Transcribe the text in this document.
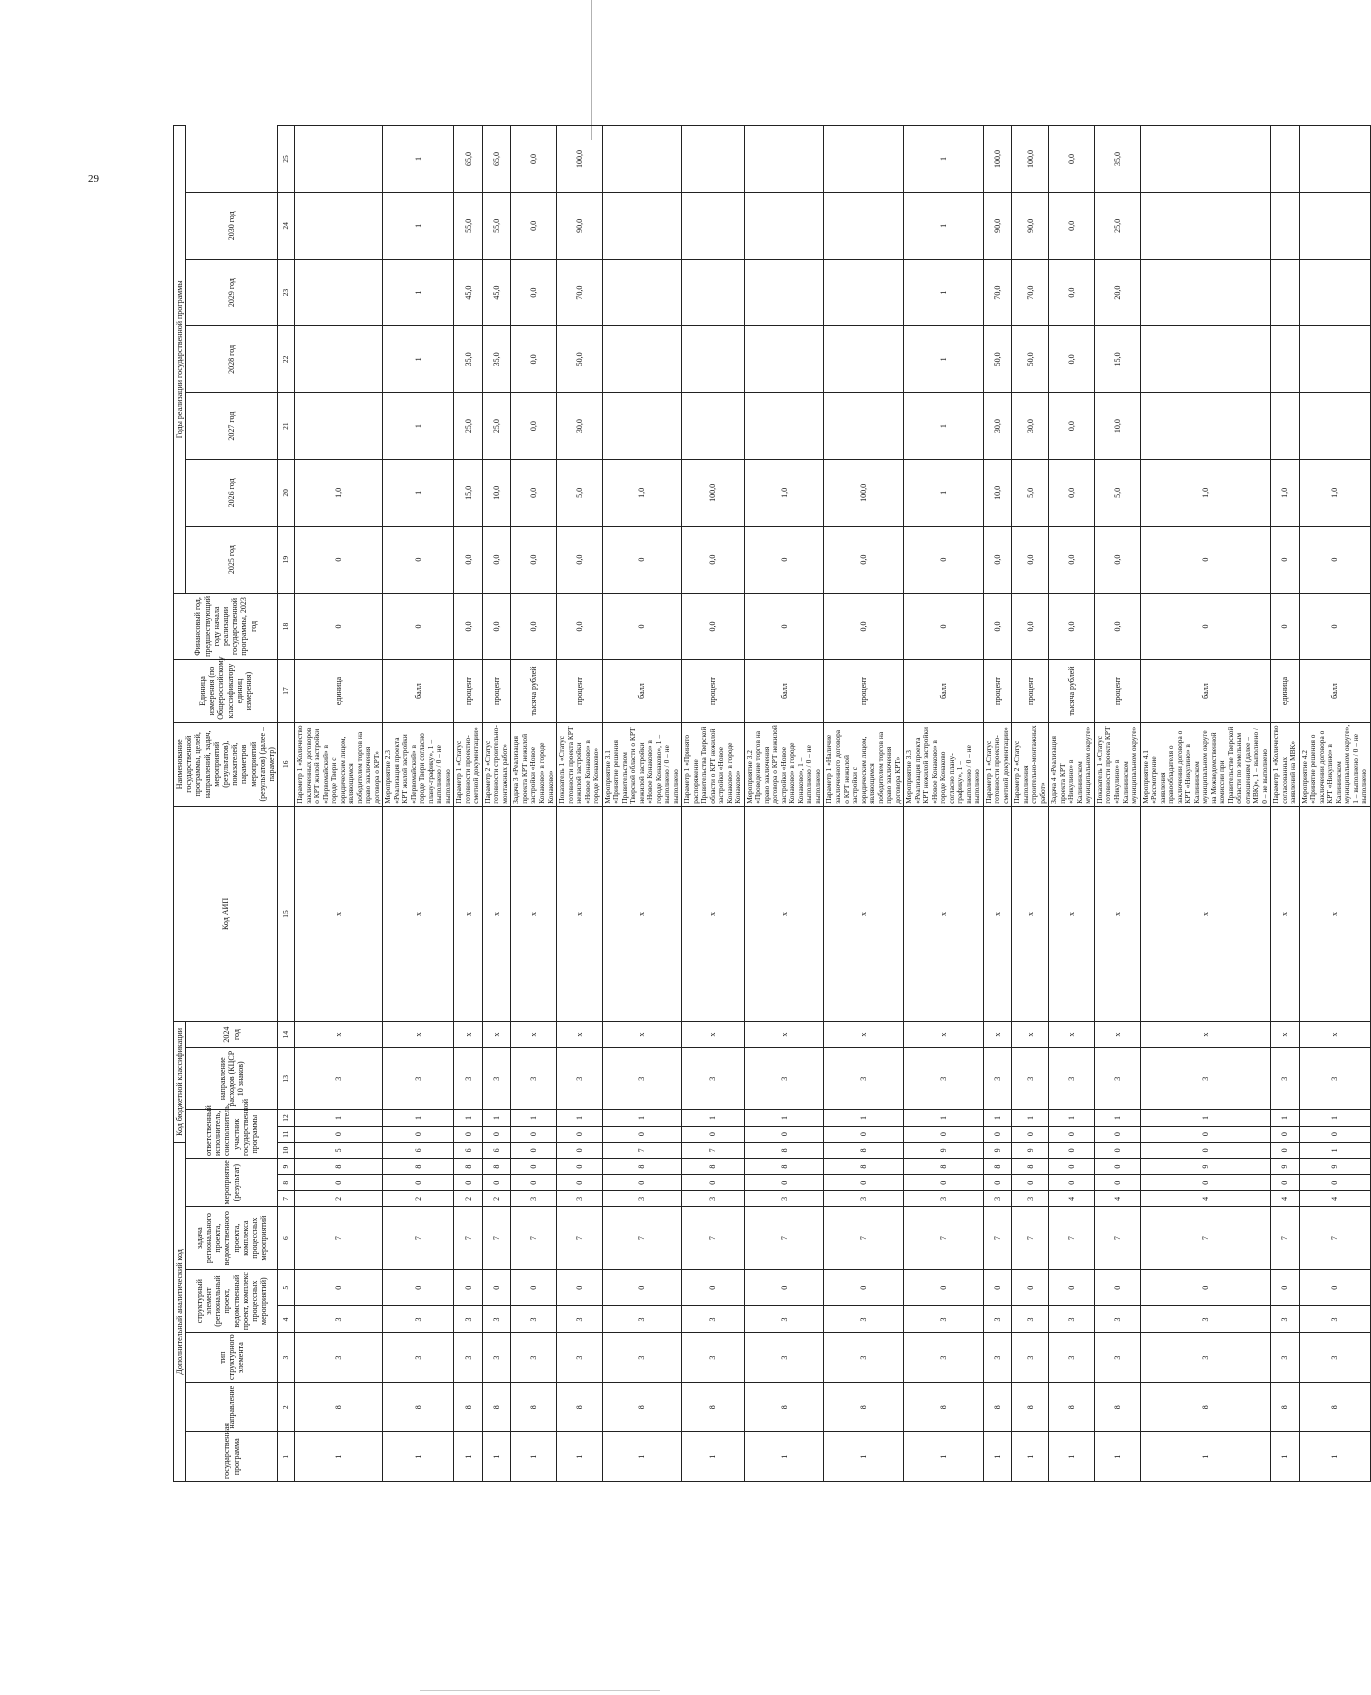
29
Дополнительный аналитический код										Код бюджетной классификации				Код АИП	Наименование государственной программы, целей, направлений, задач, мероприятий (результатов), показателей, параметров мероприятий (результатов) (далее – параметр)	Единица измерения (по Общероссийскому классификатору единиц измерения)	Финансовый год, предшествующий году начала реализации государственной программы, 2023 год	Годы реализации государственной программы						
государственная программа	направление	тип структурного элемента	структурный элемент (региональный проект, ведомственный проект, комплекс процессных мероприятий)		задача регионального проекта, ведомственного проекта, комплекса процессных мероприятий	мероприятие (результат)			ответственный исполнитель, соисполнитель, участник государственной программы			направление расходов (КЦСР 10 знаков)	2024 год					2025 год	2026 год	2027 год	2028 год	2029 год	2030 год	

1	2	3	4	5	6	7	8	9	10	11	12	13	14	15	16	17	18	19	20	21	22	23	24	25
1	8	3	3	0	7	2	0	8	5	0	1	3	x	x	Параметр 1 «Количество заключенных договоров о КРТ жилой застройки «Первомайский» в городе Твери с юридическим лицом, являющимся победителем торгов на право заключения договора о КРТ»	единица	0	0	1,0					
1	8	3	3	0	7	2	0	8	6	0	1	3	x	x	Мероприятие 2.3 «Реализация проекта КРТ жилой застройки «Первомайский» в городе Твери согласно плану-графику», 1 – выполнено / 0 – не выполнено	балл	0	0	1	1	1	1	1	1
1	8	3	3	0	7	2	0	8	6	0	1	3	x	x	Параметр 1 «Статус готовности проектно-сметной документации»	процент	0,0	0,0	15,0	25,0	35,0	45,0	55,0	65,0
1	8	3	3	0	7	2	0	8	6	0	1	3	x	x	Параметр 2 «Статус готовности строительно-монтажных работ»	процент	0,0	0,0	10,0	25,0	35,0	45,0	55,0	65,0
1	8	3	3	0	7	3	0	0	0	0	1	3	x	x	Задача 3 «Реализация проекта КРТ нежилой застройки «Новое Конаково» в городе Конаково»	тысяча рублей	0,0	0,0	0,0	0,0	0,0	0,0	0,0	0,0
1	8	3	3	0	7	3	0	0	0	0	1	3	x	x	Показатель 1 «Статус готовности проекта КРТ нежилой застройки «Новое Конаково» в городе Конаково»	процент	0,0	0,0	5,0	30,0	50,0	70,0	90,0	100,0
1	8	3	3	0	7	3	0	8	7	0	1	3	x	x	Мероприятие 3.1 «Принятие решения Правительством Тверской области о КРТ нежилой застройки «Новое Конаково» в городе Конаково», 1 – выполнено / 0 – не выполнено	балл	0	0	1,0					
1	8	3	3	0	7	3	0	8	7	0	1	3	x	x	Параметр 1 «Принято распоряжение Правительства Тверской области о КРТ нежилой застройки «Новое Конаково» в городе Конаково»	процент	0,0	0,0	100,0					
1	8	3	3	0	7	3	0	8	8	0	1	3	x	x	Мероприятие 3.2 «Проведение торгов на право заключения договора о КРТ нежилой застройки «Новое Конаково» в городе Конаково», 1 – выполнено / 0 – не выполнено	балл	0	0	1,0					
1	8	3	3	0	7	3	0	8	8	0	1	3	x	x	Параметр 1 «Наличие заключенного договора о КРТ нежилой застройки с юридическим лицом, являющимся победителем торгов на право заключения договора КРТ»	процент	0,0	0,0	100,0					
1	8	3	3	0	7	3	0	8	9	0	1	3	x	x	Мероприятие 3.3 «Реализация проекта КРТ нежилой застройки «Новое Конаково» в городе Конаково согласно плану-графику», 1 – выполнено / 0 – не выполнено	балл	0	0	1	1	1	1	1	1
1	8	3	3	0	7	3	0	8	9	0	1	3	x	x	Параметр 1 «Статус готовности проектно-сметной документации»	процент	0,0	0,0	10,0	30,0	50,0	70,0	90,0	100,0
1	8	3	3	0	7	3	0	8	9	0	1	3	x	x	Параметр 2 «Статус выполнения строительно-монтажных работ»	процент	0,0	0,0	5,0	30,0	50,0	70,0	90,0	100,0
1	8	3	3	0	7	4	0	0	0	0	1	3	x	x	Задача 4 «Реализация проекта КРТ «Никулино» в Калининском муниципальном округе»	тысяча рублей	0,0	0,0	0,0	0,0	0,0	0,0	0,0	0,0
1	8	3	3	0	7	4	0	0	0	0	1	3	x	x	Показатель 1 «Статус готовности проекта КРТ «Никулино» в Калининском муниципальном округе»	процент	0,0	0,0	5,0	10,0	15,0	20,0	25,0	35,0
1	8	3	3	0	7	4	0	9	0	0	1	3	x	x	Мероприятие 4.1 «Рассмотрение заявления правообладателя о заключении договора о КРТ «Никулино» в Калининском муниципальном округе на Межведомственной комиссии при Правительстве Тверской области по земельным отношениям (далее – МВК)», 1 – выполнено / 0 – не выполнено	балл	0	0	1,0					
1	8	3	3	0	7	4	0	9	0	0	1	3	x	x	Параметр 1 «Количество согласованных заявлений на МВК»	единица	0	0	1,0					
1	8	3	3	0	7	4	0	9	1	0	1	3	x	x	Мероприятие 4.2 «Принятие решения о заключении договора о КРТ «Никулино» в Калининском муниципальном округе», 1 – выполнено / 0 – не выполнено	балл	0	0	1,0					
